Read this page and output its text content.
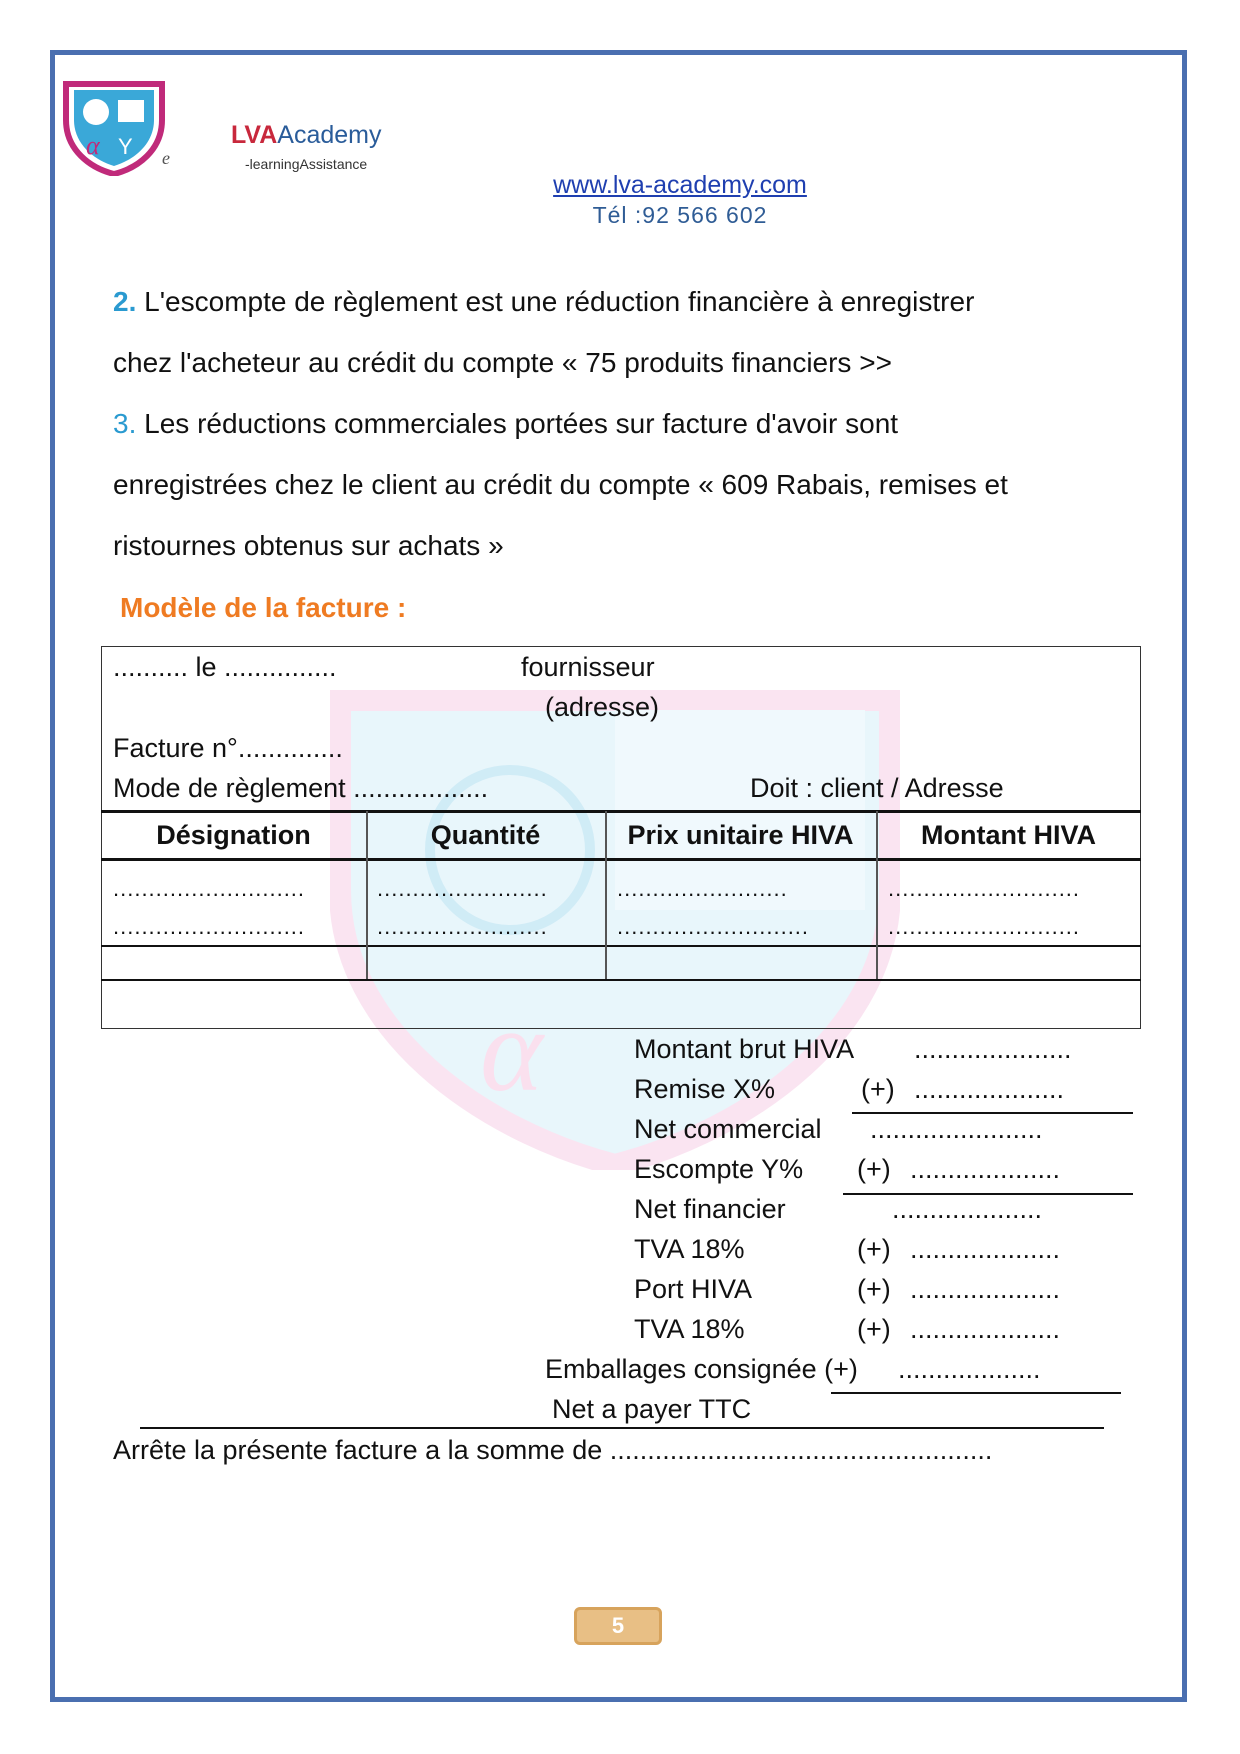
α Y e
LVAAcademy
-learningAssistance
www.lva-academy.com
Tél :92 566 602
2. L'escompte de règlement est une réduction financière à enregistrer
chez l'acheteur au crédit du compte « 75 produits financiers >>
3. Les réductions commerciales portées sur facture d'avoir sont
enregistrées chez le client au crédit du compte « 609 Rabais, remises et
ristournes obtenus sur achats »
Modèle de la facture :
α
.......... le ...............	fournisseur
(adresse)
Facture n°..............
Mode de règlement ..................	Doit : client / Adresse
Désignation	Quantité	Prix unitaire HIVA	Montant HIVA
...........................	........................	........................	...........................
...........................	........................	...........................	...........................
Montant brut HIVA .....................
Remise X%	(+) ....................
Net commercial .......................
Escompte Y% (+) ....................
Net financier	....................
TVA 18%	(+) ....................
Port HIVA	(+) ....................
TVA 18%	(+) ....................
Emballages consignée (+) ...................
Net a payer TTC
Arrête la présente facture a la somme de ...................................................
5
